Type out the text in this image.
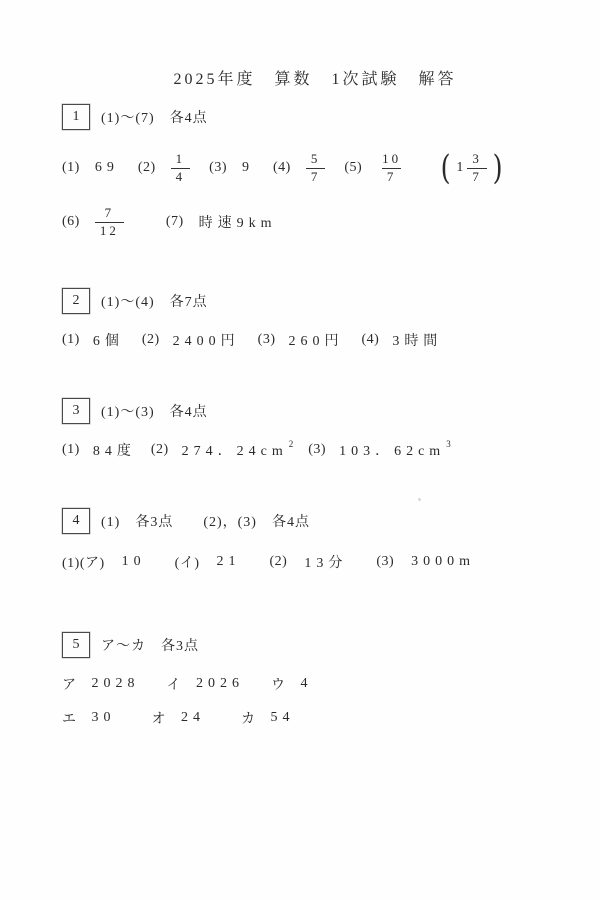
2025年度　算数　1次試験　解答
1 (1)～(7)　各4点
(1) 69 $(2) \frac{1}{4} (3)$ 9 $(4) \frac{5}{7} (5) \frac{10}{7}$ ( $1 \frac{3}{7}$ )
$(6) \frac{7}{12}$	(7) 時速9km
2 (1)～(4)　各7点
(1) 6個 (2) 2400円 (3) 260円 (4) 3時間
3 (1)～(3)　各4点
(1) 84度 (2) 274．$24cm^2$ (3) 103．$62cm^3$
4 (1)　各3点　　(2)，(3)　各4点
(1)(ア) 10 (イ) 21 (2) 13分 (3) 3000m
5 ア～カ　各3点
ア 2028 イ 2026 ウ 4
エ 30	オ 24	カ 54
